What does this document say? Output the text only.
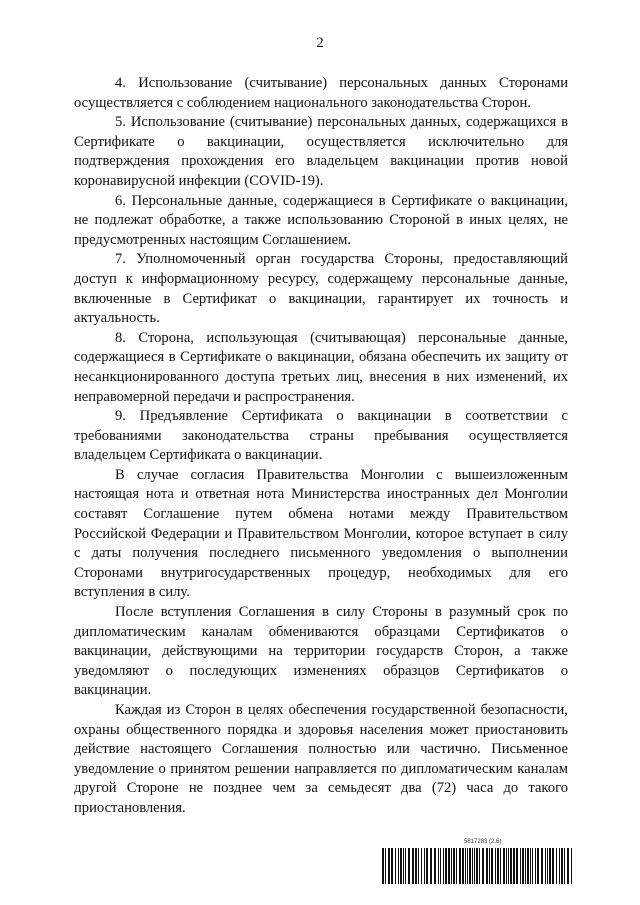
2

4. Использование (считывание) персональных данных Сторонами осуществляется с соблюдением национального законодательства Сторон.

5. Использование (считывание) персональных данных, содержащихся в Сертификате о вакцинации, осуществляется исключительно для подтверждения прохождения его владельцем вакцинации против новой коронавирусной инфекции (COVID-19).

6. Персональные данные, содержащиеся в Сертификате о вакцинации, не подлежат обработке, а также использованию Стороной в иных целях, не предусмотренных настоящим Соглашением.

7. Уполномоченный орган государства Стороны, предоставляющий доступ к информационному ресурсу, содержащему персональные данные, включенные в Сертификат о вакцинации, гарантирует их точность и актуальность.

8. Сторона, использующая (считывающая) персональные данные, содержащиеся в Сертификате о вакцинации, обязана обеспечить их защиту от несанкционированного доступа третьих лиц, внесения в них изменений, их неправомерной передачи и распространения.

9. Предъявление Сертификата о вакцинации в соответствии с требованиями законодательства страны пребывания осуществляется владельцем Сертификата о вакцинации.

В случае согласия Правительства Монголии с вышеизложенным настоящая нота и ответная нота Министерства иностранных дел Монголии составят Соглашение путем обмена нотами между Правительством Российской Федерации и Правительством Монголии, которое вступает в силу с даты получения последнего письменного уведомления о выполнении Сторонами внутригосударственных процедур, необходимых для его вступления в силу.

После вступления Соглашения в силу Стороны в разумный срок по дипломатическим каналам обмениваются образцами Сертификатов о вакцинации, действующими на территории государств Сторон, а также уведомляют о последующих изменениях образцов Сертификатов о вакцинации.

Каждая из Сторон в целях обеспечения государственной безопасности, охраны общественного порядка и здоровья населения может приостановить действие настоящего Соглашения полностью или частично. Письменное уведомление о принятом решении направляется по дипломатическим каналам другой Стороне не позднее чем за семьдесят два (72) часа до такого приостановления.

5817283 (2.6)
